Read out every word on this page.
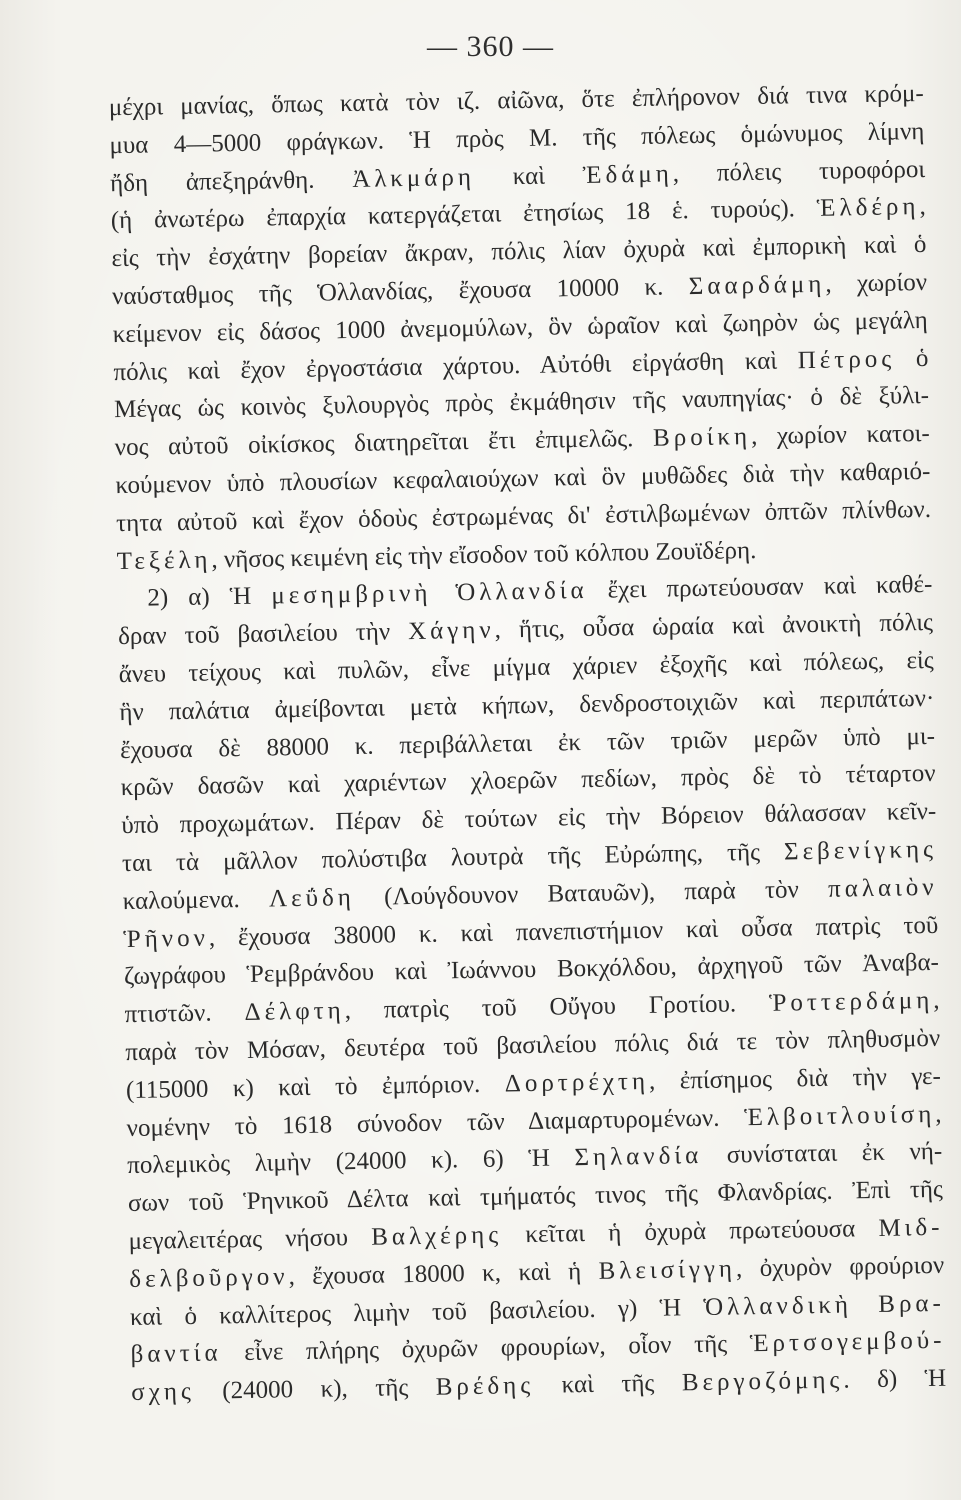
— 360 —
μέχρι μανίας, ὅπως κατὰ τὸν ιζ. αἰῶνα, ὅτε ἐπλήρονον διά τινα κρόμ-
μυα 4—5000 φράγκων. Ἡ πρὸς Μ. τῆς πόλεως ὁμώνυμος λίμνη
ἤδη ἀπεξηράνθη. Ἀλκμάρη καὶ Ἐδάμη, πόλεις τυροφόροι
(ἡ ἀνωτέρω ἐπαρχία κατεργάζεται ἐτησίως 18 ἑ. τυρούς). Ἑλδέρη,
εἰς τὴν ἐσχάτην βορείαν ἄκραν, πόλις λίαν ὀχυρὰ καὶ ἐμπορικὴ καὶ ὁ
ναύσταθμος τῆς Ὁλλανδίας, ἔχουσα 10000 κ. Σααρδάμη, χωρίον
κείμενον εἰς δάσος 1000 ἀνεμομύλων, ὃν ὡραῖον καὶ ζωηρὸν ὡς μεγάλη
πόλις καὶ ἔχον ἐργοστάσια χάρτου. Αὐτόθι εἰργάσθη καὶ Πέτρος ὁ
Μέγας ὡς κοινὸς ξυλουργὸς πρὸς ἐκμάθησιν τῆς ναυπηγίας· ὁ δὲ ξύλι-
νος αὐτοῦ οἰκίσκος διατηρεῖται ἔτι ἐπιμελῶς. Βροίκη, χωρίον κατοι-
κούμενον ὑπὸ πλουσίων κεφαλαιούχων καὶ ὃν μυθῶδες διὰ τὴν καθαριό-
τητα αὐτοῦ καὶ ἔχον ὁδοὺς ἐστρωμένας δι' ἐστιλβωμένων ὀπτῶν πλίνθων.
Τεξέλη, νῆσος κειμένη εἰς τὴν εἴσοδον τοῦ κόλπου Ζουϊδέρη.
2) α) Ἡ μεσημβρινὴ Ὁλλανδία ἔχει πρωτεύουσαν καὶ καθέ-
δραν τοῦ βασιλείου τὴν Χάγην, ἥτις, οὖσα ὡραία καὶ ἀνοικτὴ πόλις
ἄνευ τείχους καὶ πυλῶν, εἶνε μίγμα χάριεν ἐξοχῆς καὶ πόλεως, εἰς
ἣν παλάτια ἀμείβονται μετὰ κήπων, δενδροστοιχιῶν καὶ περιπάτων·
ἔχουσα δὲ 88000 κ. περιβάλλεται ἐκ τῶν τριῶν μερῶν ὑπὸ μι-
κρῶν δασῶν καὶ χαριέντων χλοερῶν πεδίων, πρὸς δὲ τὸ τέταρτον
ὑπὸ προχωμάτων. Πέραν δὲ τούτων εἰς τὴν Βόρειον θάλασσαν κεῖν-
ται τὰ μᾶλλον πολύστιβα λουτρὰ τῆς Εὐρώπης, τῆς Σεβενίγκης
καλούμενα. Λεΰδη (Λούγδουνον Βαταυῶν), παρὰ τὸν παλαιὸν
Ῥῆνον, ἔχουσα 38000 κ. καὶ πανεπιστήμιον καὶ οὖσα πατρὶς τοῦ
ζωγράφου Ῥεμβράνδου καὶ Ἰωάννου Βοκχόλδου, ἀρχηγοῦ τῶν Ἀναβα-
πτιστῶν. Δέλφτη, πατρὶς τοῦ Οὔγου Γροτίου. Ῥοττερδάμη,
παρὰ τὸν Μόσαν, δευτέρα τοῦ βασιλείου πόλις διά τε τὸν πληθυσμὸν
(115000 κ) καὶ τὸ ἐμπόριον. Δορτρέχτη, ἐπίσημος διὰ τὴν γε-
νομένην τὸ 1618 σύνοδον τῶν Διαμαρτυρομένων. Ἑλβοιτλουίση,
πολεμικὸς λιμὴν (24000 κ). 6) Ἡ Σηλανδία συνίσταται ἐκ νή-
σων τοῦ Ῥηνικοῦ Δέλτα καὶ τμήματός τινος τῆς Φλανδρίας. Ἐπὶ τῆς
μεγαλειτέρας νήσου Βαλχέρης κεῖται ἡ ὀχυρὰ πρωτεύουσα Μιδ-
δελβοῦργον, ἔχουσα 18000 κ, καὶ ἡ Βλεισίγγη, ὀχυρὸν φρούριον
καὶ ὁ καλλίτερος λιμὴν τοῦ βασιλείου. γ) Ἡ Ὁλλανδικὴ Βρα-
βαντία εἶνε πλήρης ὀχυρῶν φρουρίων, οἷον τῆς Ἑρτσογεμβού-
σχης (24000 κ), τῆς Βρέδης καὶ τῆς Βεργοζόμης. δ) Ἡ
